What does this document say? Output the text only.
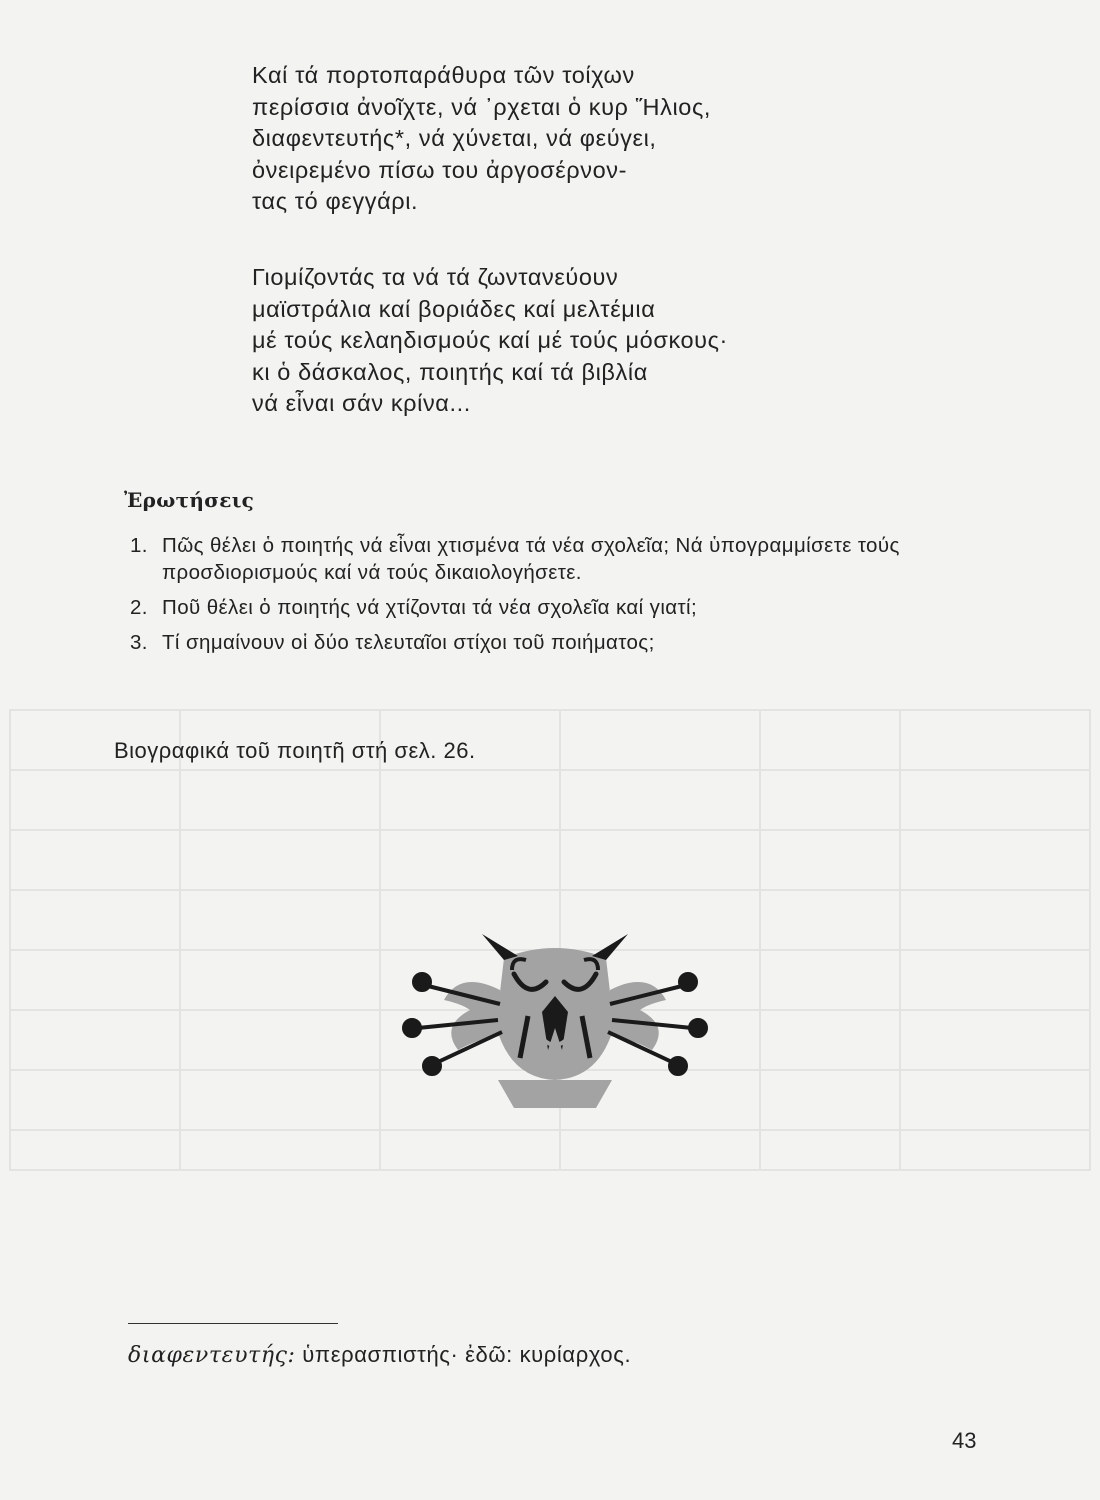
Καί τά πορτοπαράθυρα τῶν τοίχων
περίσσια ἀνοῖχτε, νά ᾿ρχεται ὁ κυρ Ἥλιος,
διαφεντευτής*, νά χύνεται, νά φεύγει,
ὀνειρεμένο πίσω του ἀργοσέρνον-
τας τό φεγγάρι.
Γιομίζοντάς τα νά τά ζωντανεύουν
μαϊστράλια καί βοριάδες καί μελτέμια
μέ τούς κελαηδισμούς καί μέ τούς μόσκους·
κι ὁ δάσκαλος, ποιητής καί τά βιβλία
νά εἶναι σάν κρίνα...
Ἐρωτήσεις
1. Πῶς θέλει ὁ ποιητής νά εἶναι χτισμένα τά νέα σχολεῖα; Νά ὑπογραμμίσετε τούς προσδιορισμούς καί νά τούς δικαιολογήσετε.
2. Ποῦ θέλει ὁ ποιητής νά χτίζονται τά νέα σχολεῖα καί γιατί;
3. Τί σημαίνουν οἱ δύο τελευταῖοι στίχοι τοῦ ποιήματος;
Βιογραφικά τοῦ ποιητῆ στή σελ. 26.
διαφεντευτής: ὑπερασπιστής· ἐδῶ: κυρίαρχος.
43
